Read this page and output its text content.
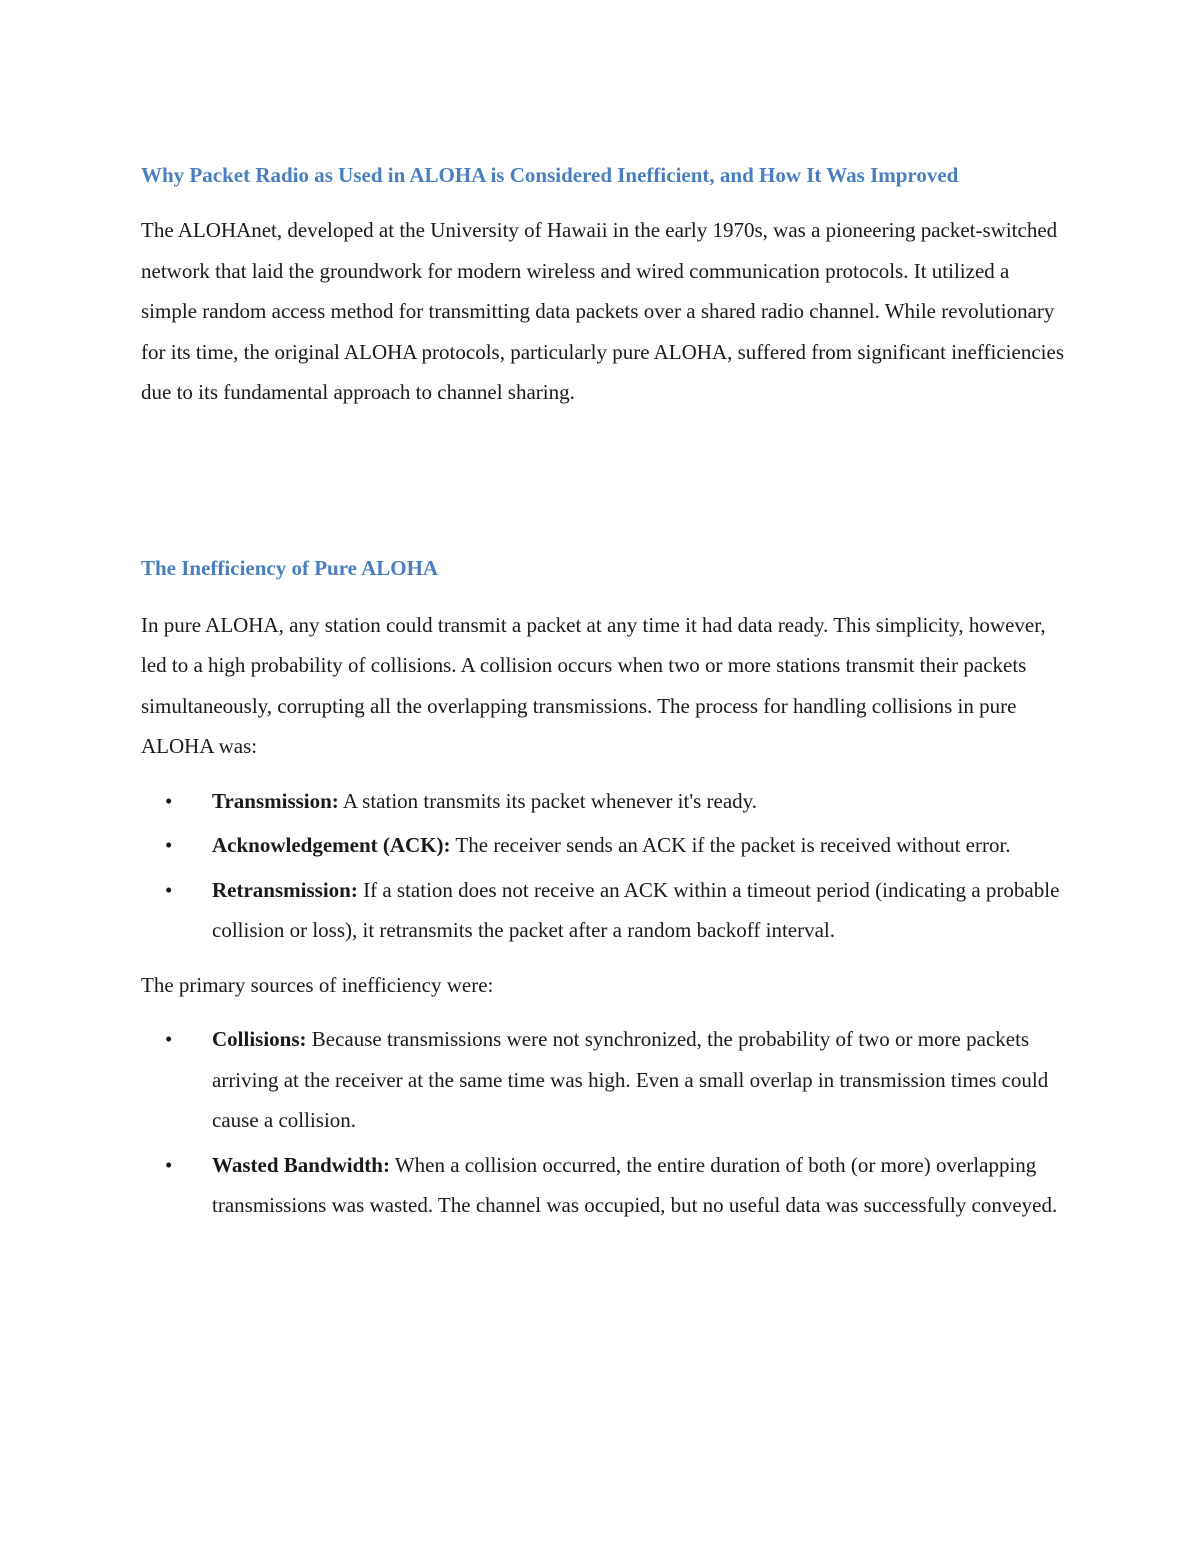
Why Packet Radio as Used in ALOHA is Considered Inefficient, and How It Was Improved

The ALOHAnet, developed at the University of Hawaii in the early 1970s, was a pioneering packet-switched network that laid the groundwork for modern wireless and wired communication protocols. It utilized a simple random access method for transmitting data packets over a shared radio channel. While revolutionary for its time, the original ALOHA protocols, particularly pure ALOHA, suffered from significant inefficiencies due to its fundamental approach to channel sharing.

The Inefficiency of Pure ALOHA

In pure ALOHA, any station could transmit a packet at any time it had data ready. This simplicity, however, led to a high probability of collisions. A collision occurs when two or more stations transmit their packets simultaneously, corrupting all the overlapping transmissions. The process for handling collisions in pure ALOHA was:

• Transmission: A station transmits its packet whenever it's ready.
• Acknowledgement (ACK): The receiver sends an ACK if the packet is received without error.
• Retransmission: If a station does not receive an ACK within a timeout period (indicating a probable collision or loss), it retransmits the packet after a random backoff interval.

The primary sources of inefficiency were:

• Collisions: Because transmissions were not synchronized, the probability of two or more packets arriving at the receiver at the same time was high. Even a small overlap in transmission times could cause a collision.
• Wasted Bandwidth: When a collision occurred, the entire duration of both (or more) overlapping transmissions was wasted. The channel was occupied, but no useful data was successfully conveyed.
